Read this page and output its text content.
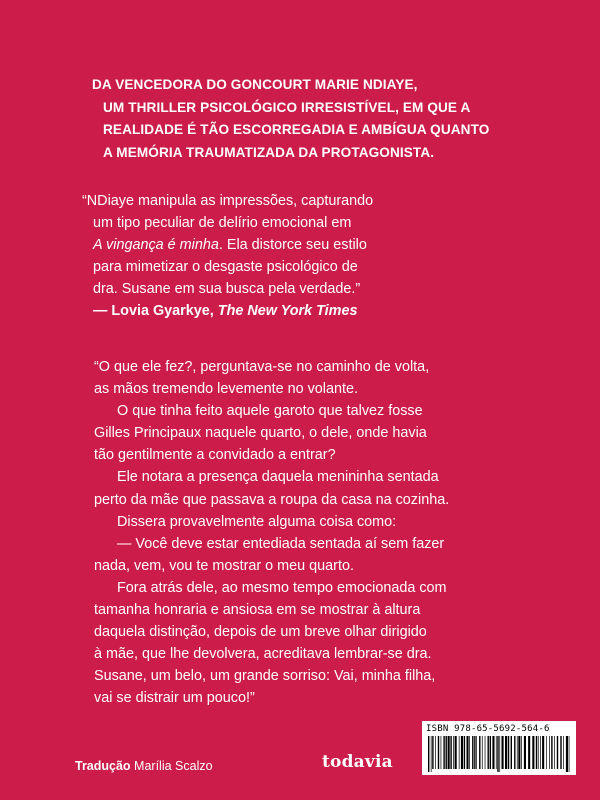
DA VENCEDORA DO GONCOURT MARIE NDIAYE,
UM THRILLER PSICOLÓGICO IRRESISTÍVEL, EM QUE A
REALIDADE É TÃO ESCORREGADIA E AMBÍGUA QUANTO
A MEMÓRIA TRAUMATIZADA DA PROTAGONISTA.
“NDiaye manipula as impressões, capturando
um tipo peculiar de delírio emocional em
A vingança é minha. Ela distorce seu estilo
para mimetizar o desgaste psicológico de
dra. Susane em sua busca pela verdade.”
— Lovia Gyarkye, The New York Times
“O que ele fez?, perguntava-se no caminho de volta,
as mãos tremendo levemente no volante.
O que tinha feito aquele garoto que talvez fosse
Gilles Principaux naquele quarto, o dele, onde havia
tão gentilmente a convidado a entrar?
Ele notara a presença daquela menininha sentada
perto da mãe que passava a roupa da casa na cozinha.
Dissera provavelmente alguma coisa como:
— Você deve estar entediada sentada aí sem fazer
nada, vem, vou te mostrar o meu quarto.
Fora atrás dele, ao mesmo tempo emocionada com
tamanha honraria e ansiosa em se mostrar à altura
daquela distinção, depois de um breve olhar dirigido
à mãe, que lhe devolvera, acreditava lembrar-se dra.
Susane, um belo, um grande sorriso: Vai, minha filha,
vai se distrair um pouco!”
Tradução Marília Scalzo	todavia
ISBN 978-65-5692-564-6
